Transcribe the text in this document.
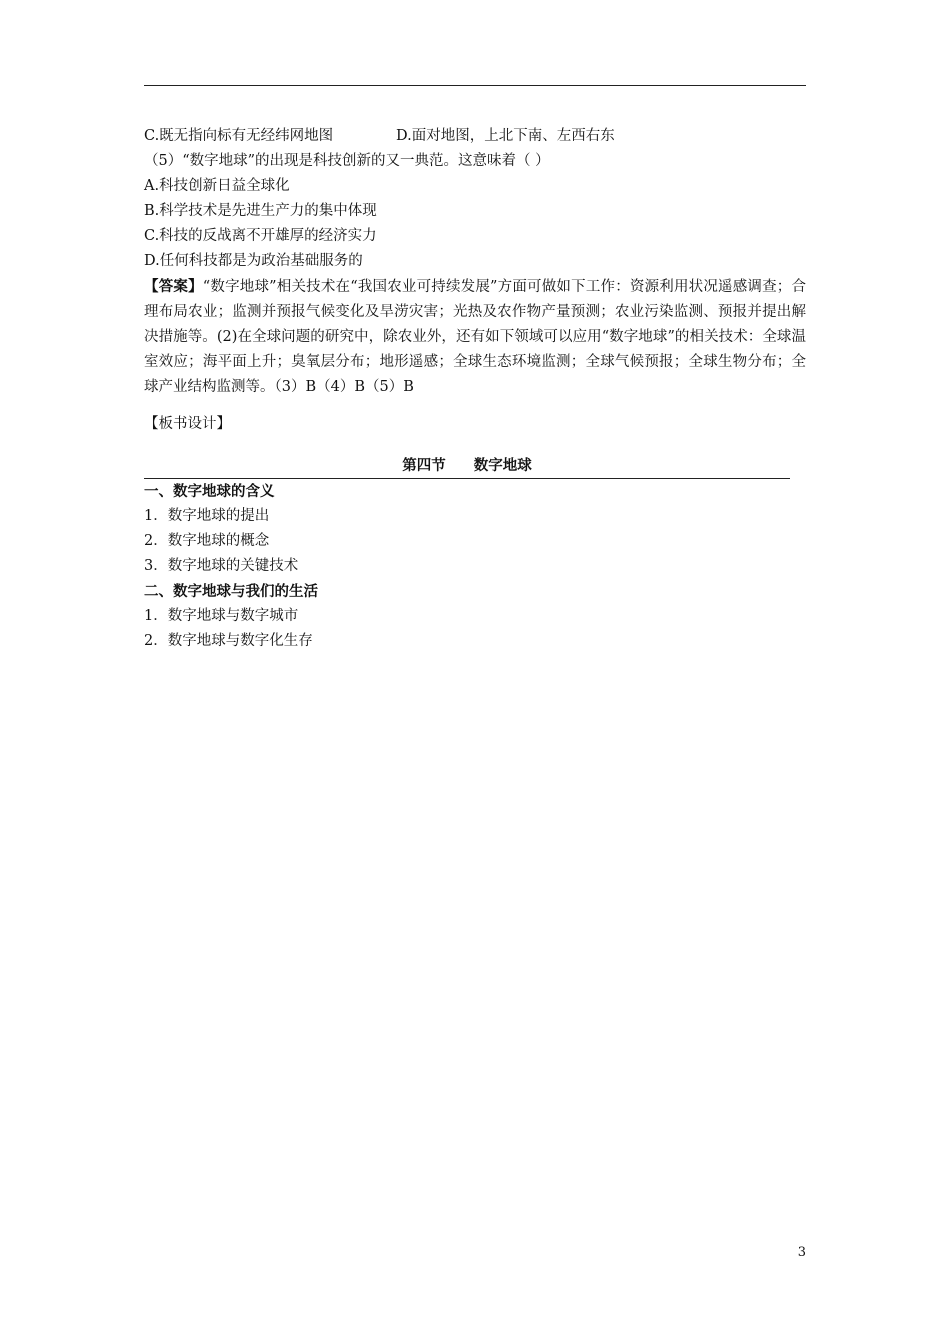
C.既无指向标有无经纬网地图	D.面对地图，上北下南、左西右东
（5）“数字地球”的出现是科技创新的又一典范。这意味着（ ）
A.科技创新日益全球化
B.科学技术是先进生产力的集中体现
C.科技的反战离不开雄厚的经济实力
D.任何科技都是为政治基础服务的
【答案】“数字地球”相关技术在“我国农业可持续发展”方面可做如下工作：资源利用状况遥感调查；合理布局农业；监测并预报气候变化及旱涝灾害；光热及农作物产量预测；农业污染监测、预报并提出解决措施等。(2)在全球问题的研究中，除农业外，还有如下领域可以应用“数字地球”的相关技术：全球温室效应；海平面上升；臭氧层分布；地形遥感；全球生态环境监测；全球气候预报；全球生物分布；全球产业结构监测等。（3）B（4）B（5）B
【板书设计】
第四节 数字地球
一、数字地球的含义
1．数字地球的提出
2．数字地球的概念
3．数字地球的关键技术
二、数字地球与我们的生活
1．数字地球与数字城市
2．数字地球与数字化生存
3
